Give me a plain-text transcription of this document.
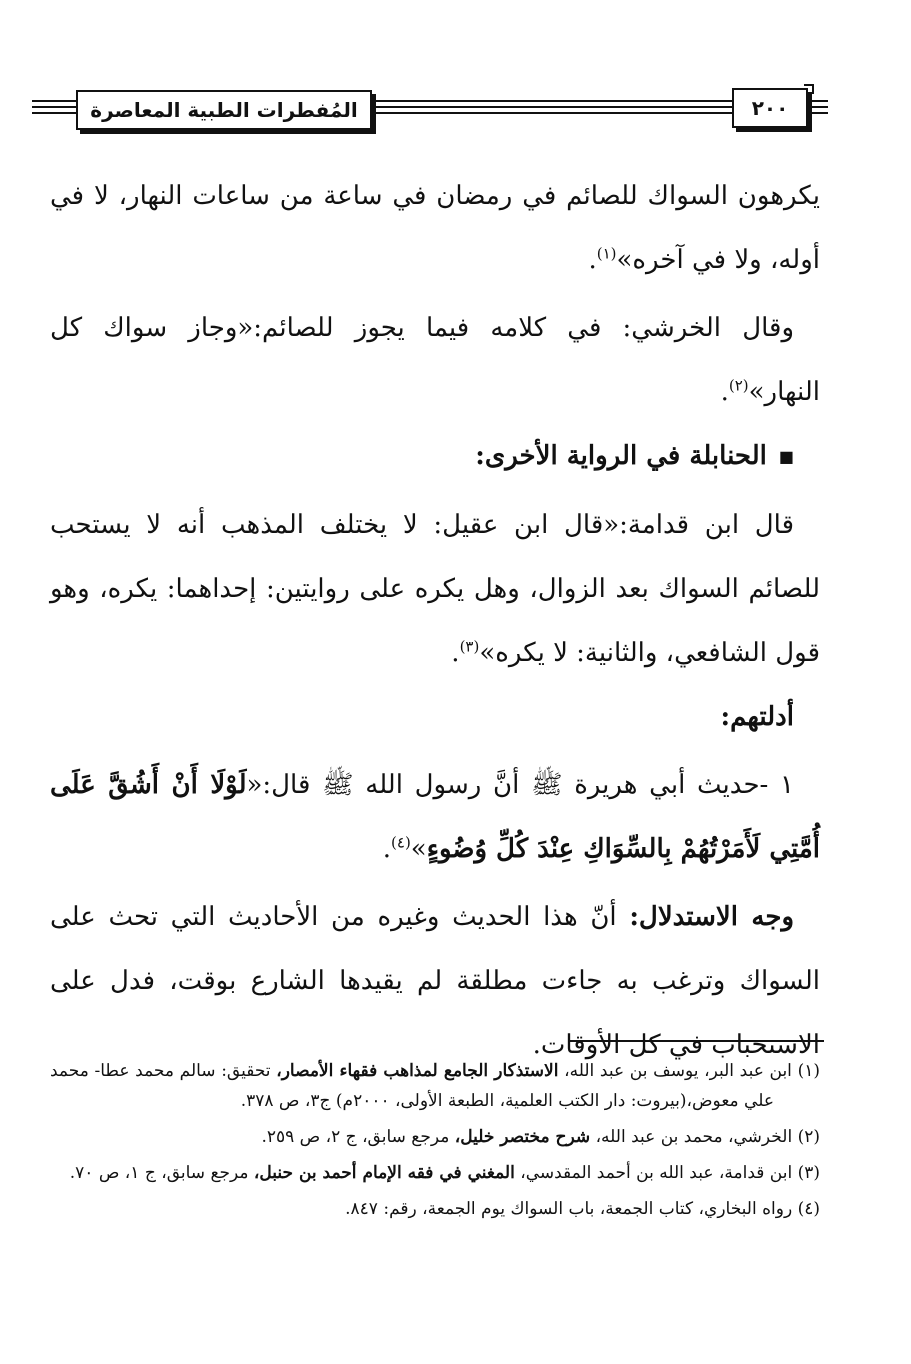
المُفطرات الطبية المعاصرة	٢٠٠

يكرهون السواك للصائم في رمضان في ساعة من ساعات النهار، لا في أوله، ولا في آخره»$^{(١)}$.

 وقال الخرشي: في كلامه فيما يجوز للصائم:«وجاز سواك كل النهار»$^{(٢)}$.

 ■الحنابلة في الرواية الأخرى:

 قال ابن قدامة:«قال ابن عقيل: لا يختلف المذهب أنه لا يستحب للصائم السواك بعد الزوال، وهل يكره على روايتين: إحداهما: يكره، وهو قول الشافعي، والثانية: لا يكره»$^{(٣)}$.

 أدلتهم:

 ١ -حديث أبي هريرة ﷺ أنَّ رسول الله ﷺ قال:«لَوْلَا أَنْ أَشُقَّ عَلَى أُمَّتِي لَأَمَرْتُهُمْ بِالسِّوَاكِ عِنْدَ كُلِّ وُضُوءٍ»$^{(٤)}$.

 وجه الاستدلال: أنّ هذا الحديث وغيره من الأحاديث التي تحث على السواك وترغب به جاءت مطلقة لم يقيدها الشارع بوقت، فدل على الاستحباب في كل الأوقات.

(١) ابن عبد البر، يوسف بن عبد الله، الاستذكار الجامع لمذاهب فقهاء الأمصار، تحقيق: سالم محمد عطا- محمد علي معوض،(بيروت: دار الكتب العلمية، الطبعة الأولى، ٢٠٠٠م) ج٣، ص ٣٧٨.

(٢) الخرشي، محمد بن عبد الله، شرح مختصر خليل، مرجع سابق، ج ٢، ص ٢٥٩.

(٣) ابن قدامة، عبد الله بن أحمد المقدسي، المغني في فقه الإمام أحمد بن حنبل، مرجع سابق، ج ١، ص ٧٠.

(٤) رواه البخاري، كتاب الجمعة، باب السواك يوم الجمعة، رقم: ٨٤٧.
